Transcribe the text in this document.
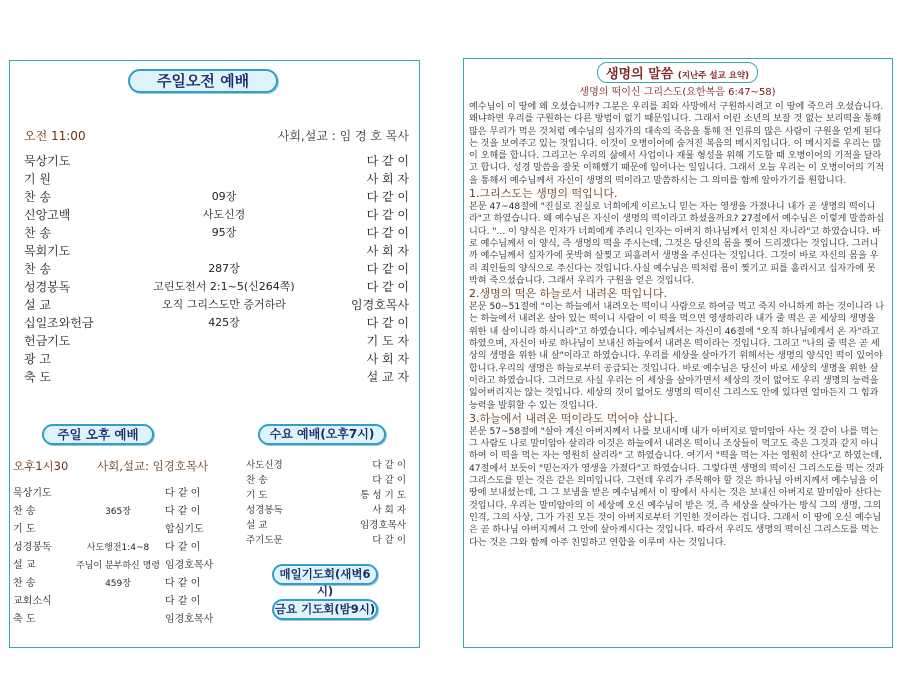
주일오전 예배
오전 11:00	사회,설교 : 임 경 호 목사
묵상기도	다 같 이
기 원	사 회 자
찬 송	09장	다 같 이
신앙고백	사도신경	다 같 이
찬 송	95장	다 같 이
목회기도	사 회 자
찬 송	287장	다 같 이
성경봉독	고린도전서 2:1~5(신264쪽)	다 같 이
설 교	오직 그리스도만 증거하라	임경호목사
십일조와헌금	425장	다 같 이
헌금기도	기 도 자
광 고	사 회 자
축 도	설 교 자
주일 오후 예배	수요 예배(오후7시)
오후1시30 사회,설교: 임경호목사
묵상기도	다 같 이
찬 송	365장	다 같 이
기 도	합심기도
성경봉독	사도행전1:4~8	다 같 이
설 교	주님이 분부하신 명령 임경호목사
찬 송	459장	다 같 이
교회소식	다 같 이
축 도	임경호목사
사도신경	다 같 이
찬 송	다 같 이
기 도	통 성 기 도
성경봉독	사 회 자
설 교	임경호목사
주기도문	다 같 이
매일기도회(새벽6시)
금요 기도회(밤9시)
생명의 말씀 (지난주 설교 요약)
생명의 떡이신 그리스도(요한복음 6:47~58)

예수님이 이 땅에 왜 오셨습니까? 그분은 우리를 죄와 사망에서 구원하시려고 이 땅에 죽으러 오셨습니다. 왜냐하면 우리를 구원하는 다른 방법이 없기 때문입니다. 그래서 어린 소년의 보잘 것 없는 보리떡을 통해 많은 무리가 먹은 것처럼 예수님의 십자가의 대속의 죽음을 통해 전 인류의 많은 사람이 구원을 얻게 된다는 것을 보여주고 있는 것입니다. 이것이 오병이어에 숨겨진 복음의 메시지입니다. 이 메시지를 우리는 많이 오해를 합니다. 그리고는 우리의 삶에서 사업이나 재물 형성을 위해 기도할 때 오병이어의 기적을 달라고 합니다. 성경 말씀을 잘못 이해했기 때문에 일어나는 일입니다. 그래서 오늘 우리는 이 오병이어의 기적을 통해서 예수님께서 자신이 생명의 떡이라고 말씀하시는 그 의미를 함께 알아가기를 원합니다.

1.그리스도는 생명의 떡입니다.

본문 47~48절에 "진실로 진실로 너희에게 이르노니 믿는 자는 영생을 가졌나니 내가 곧 생명의 떡이니라"고 하였습니다. 왜 예수님은 자신이 생명의 떡이라고 하셨을까요? 27절에서 예수님은 이렇게 말씀하십니다. "... 이 양식은 인자가 너희에게 주리니 인자는 아버지 하나님께서 인치신 자니라"고 하였습니다. 바로 예수님께서 이 양식, 즉 생명의 떡을 주시는데, 그것은 당신의 몸을 찢어 드리겠다는 것입니다. 그러니까 예수님께서 십자가에 못박혀 살찢고 피흘려서 생명을 주신다는 것입니다. 그것이 바로 자신의 몸을 우리 죄인들의 양식으로 주신다는 것입니다.사실 예수님은 떡처럼 몸이 찢기고 피를 흘리시고 십자가에 못 박혀 죽으셨습니다. 그래서 우리가 구원을 얻은 것입니다.

2.생명의 떡은 하늘로서 내려온 떡입니다.

본문 50~51절에 "이는 하늘에서 내려오는 떡이니 사람으로 하여금 먹고 죽지 아니하게 하는 것이니라 나는 하늘에서 내려온 살아 있는 떡이니 사람이 이 떡을 먹으면 영생하리라 내가 줄 떡은 곧 세상의 생명을 위한 내 살이니라 하시니라"고 하였습니다. 예수님께서는 자신이 46절에 "오직 하나님에게서 온 자"라고 하였으며, 자신이 바로 하나님이 보내신 하늘에서 내려온 떡이라는 것입니다. 그리고 "나의 줄 떡은 곧 세상의 생명을 위한 내 살"이라고 하였습니다. 우리를 세상을 살아가기 위해서는 생명의 양식인 떡이 있어야 합니다.우리의 생명은 하늘로부터 공급되는 것입니다. 바로 예수님은 당신이 바로 세상의 생명을 위한 살이라고 하였습니다. 그러므로 사실 우리는 이 세상을 살아가면서 세상의 것이 없어도 우리 생명의 능력을 잃어버리지는 않는 것입니다. 세상의 것이 없어도 생명의 떡이신 그리스도 안에 있다면 얼마든지 그 힘과 능력을 발휘할 수 있는 것입니다.

3.하늘에서 내려온 떡이라도 먹어야 삽니다.

본문 57~58절에 "살아 계신 아버지께서 나를 보내시매 내가 아버지로 말미암아 사는 것 같이 나를 먹는 그 사람도 나로 말미암아 살리라 이것은 하늘에서 내려온 떡이니 조상들이 먹고도 죽은 그것과 같지 아니하여 이 떡을 먹는 자는 영원히 살리라" 고 하였습니다. 여기서 "떡을 먹는 자는 영원히 산다"고 하였는데, 47절에서 보듯이 "믿는자가 영생을 가졌다"고 하였습니다. 그렇다면 생명의 떡이신 그리스도를 먹는 것과 그리스도를 믿는 것은 같은 의미입니다. 그런데 우리가 주목해야 할 것은 하나님 아버지께서 예수님을 이 땅에 보내셨는데, 그 그 보냄을 받은 예수님께서 이 땅에서 사시는 것은 보내신 아버지로 말미암아 산다는 것입니다. 우리는 말미암아의 이 세상에 오신 예수님이 받은 것, 즉 세상을 살아가는 방식 그의 생명, 그의 인격, 그의 사상, 그가 가진 모든 것이 아버지로부터 기인한 것이라는 겁니다. 그래서 이 땅에 오신 예수님은 곧 하나님 아버지께서 그 안에 살아계시다는 것입니다. 따라서 우리도 생명의 떡이신 그리스도를 먹는다는 것은 그와 함께 아주 친밀하고 연합을 이루며 사는 것입니다.
